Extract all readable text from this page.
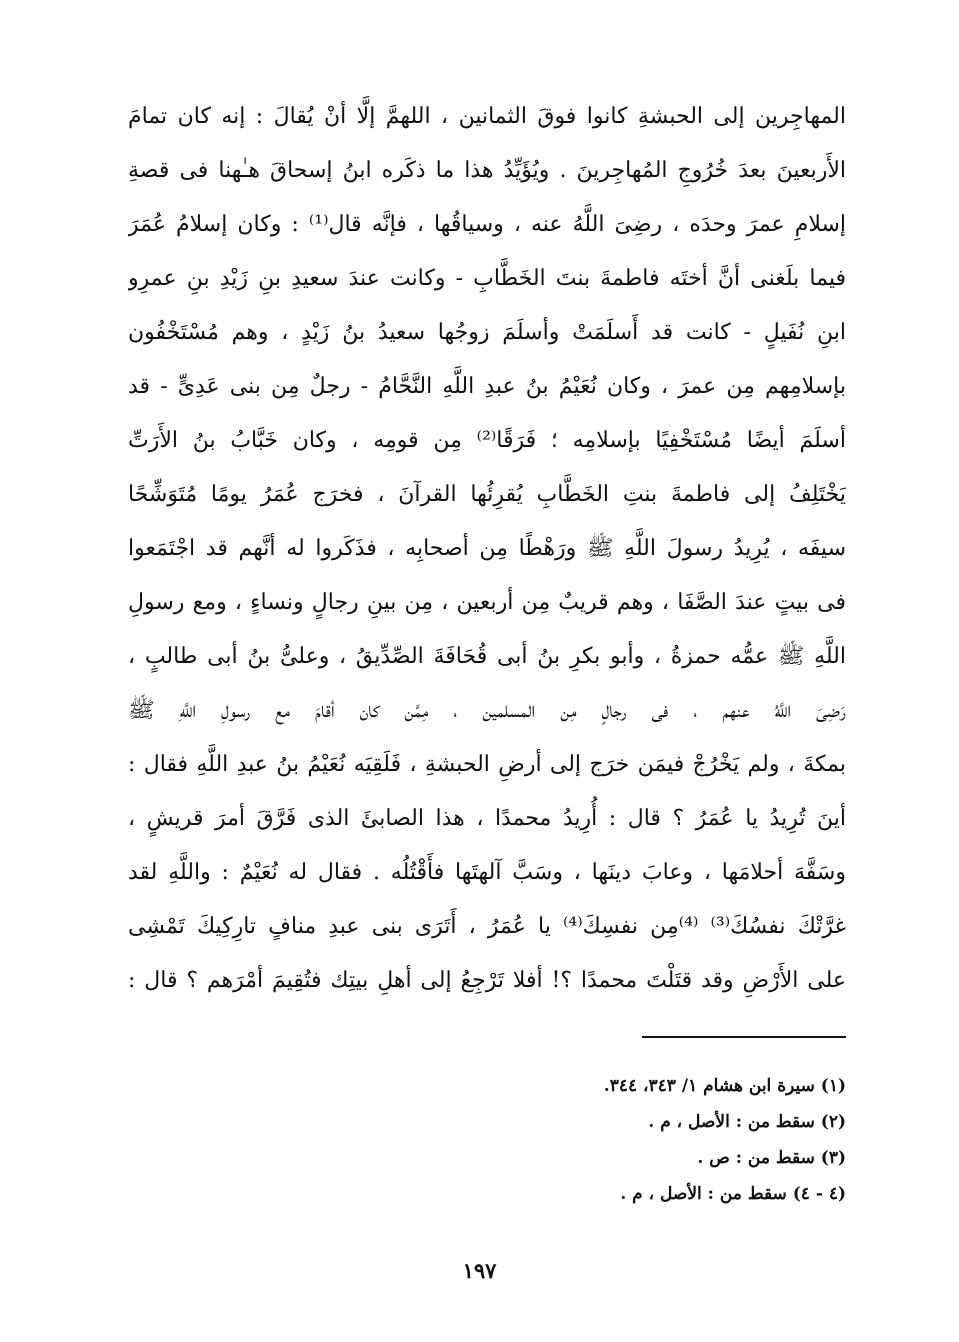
المهاجِرين إلى الحبشةِ كانوا فوقَ الثمانين ، اللهمَّ إلَّا أنْ يُقالَ : إنه كان تمامَ
الأَربعينَ بعدَ خُرُوجِ المُهاجِرينَ . ويُؤَيِّدُ هذا ما ذكَره ابنُ إسحاقَ هـٰهنا فى قصةِ
إسلامِ عمرَ وحدَه ، رضِىَ اللَّهُ عنه ، وسياقُها ، فإنَّه قال⁽¹⁾ : وكان إسلامُ عُمَرَ
فيما بلَغنى أنَّ أختَه فاطمةَ بنتَ الخَطَّابِ - وكانت عندَ سعيدِ بنِ زَيْدِ بنِ عمرِو
ابنِ نُفَيلٍ - كانت قد أَسلَمَتْ وأسلَمَ زوجُها سعيدُ بنُ زَيْدٍ ، وهم مُسْتَخْفُون
بإسلامِهم مِن عمرَ ، وكان نُعَيْمُ بنُ عبدِ اللَّهِ النَّحَّامُ - رجلٌ مِن بنى عَدِىٍّ - قد
أسلَمَ أيضًا مُسْتَخْفِيًا بإسلامِه ؛ فَرَقًا⁽²⁾ مِن قومِه ، وكان خَبَّابُ بنُ الأَرَتِّ
يَخْتَلِفُ إلى فاطمةَ بنتِ الخَطَّابِ يُقرِئُها القرآنَ ، فخرَج عُمَرُ يومًا مُتَوَشِّحًا
سيفَه ، يُرِيدُ رسولَ اللَّهِ ﷺ ورَهْطًا مِن أصحابِه ، فذَكَروا له أنَّهم قد اجْتَمَعوا
فى بيتٍ عندَ الصَّفَا ، وهم قريبٌ مِن أربعين ، مِن بينِ رجالٍ ونساءٍ ، ومع رسولِ
اللَّهِ ﷺ عمُّه حمزةُ ، وأبو بكرِ بنُ أبى قُحَافَةَ الصِّدِّيقُ ، وعلىُّ بنُ أبى طالبٍ ،
رَضِىَ اللَّهُ عنهم ، فى رجالٍ مِن المسلمين ، مِمَّن كان أقامَ مع رسولِ اللَّهِ ﷺ
بمكةَ ، ولم يَخْرُجْ فيمَن خرَج إلى أرضِ الحبشةِ ، فَلَقِيَه نُعَيْمُ بنُ عبدِ اللَّهِ فقال :
أينَ تُرِيدُ يا عُمَرُ ؟ قال : أُرِيدُ محمدًا ، هذا الصابئَ الذى فَرَّقَ أمرَ قريشٍ ،
وسَفَّهَ أحلامَها ، وعابَ دينَها ، وسَبَّ آلهتَها فأَقْتُلُه . فقال له نُعَيْمٌ : واللَّهِ لقد
غرَّتْكَ نفسُكَ⁽³⁾ ⁽⁴⁾مِن نفسِكَ⁽⁴⁾ يا عُمَرُ ، أَتَرَى بنى عبدِ منافٍ تارِكِيكَ تَمْشِى
على الأَرْضِ وقد قتَلْتَ محمدًا ؟! أفلا تَرْجِعُ إلى أهلِ بيتِك فتُقِيمَ أمْرَهم ؟ قال :
(١) سيرة ابن هشام ١/ ٣٤٣، ٣٤٤.
(٢) سقط من : الأصل ، م .
(٣) سقط من : ص .
(٤ - ٤) سقط من : الأصل ، م .
١٩٧
